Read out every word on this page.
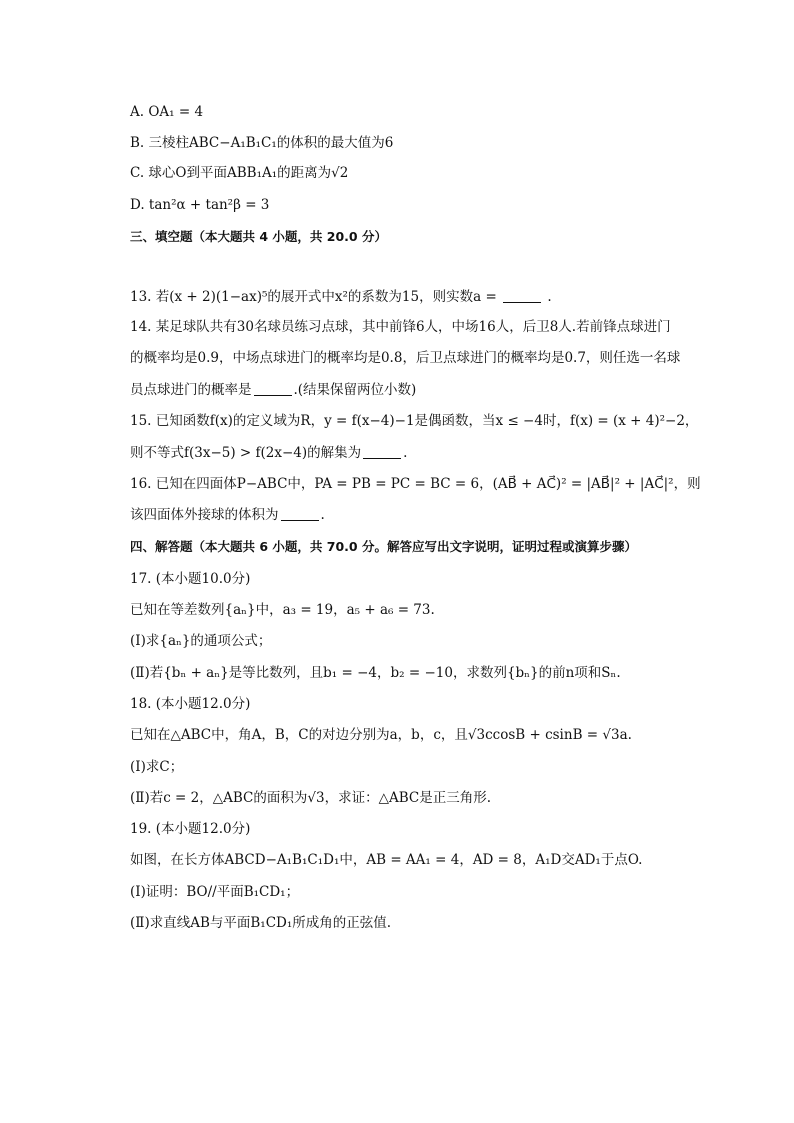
A. OA₁ = 4
B. 三棱柱ABC−A₁B₁C₁的体积的最大值为6
C. 球心O到平面ABB₁A₁的距离为√2
D. tan²α + tan²β = 3
三、填空题（本大题共 4 小题，共 20.0 分）
13. 若(x + 2)(1−ax)⁵的展开式中x²的系数为15，则实数a =	.
14. 某足球队共有30名球员练习点球，其中前锋6人，中场16人，后卫8人.若前锋点球进门
的概率均是0.9，中场点球进门的概率均是0.8，后卫点球进门的概率均是0.7，则任选一名球
员点球进门的概率是	.(结果保留两位小数)
15. 已知函数f(x)的定义域为R，y = f(x−4)−1是偶函数，当x ≤ −4时，f(x) = (x + 4)²−2，
则不等式f(3x−5) > f(2x−4)的解集为	.
16. 已知在四面体P−ABC中，PA = PB = PC = BC = 6，(AB⃗ + AC⃗)² = |AB⃗|² + |AC⃗|²，则
该四面体外接球的体积为	.
四、解答题（本大题共 6 小题，共 70.0 分。解答应写出文字说明，证明过程或演算步骤）
17. (本小题10.0分)
已知在等差数列{aₙ}中，a₃ = 19，a₅ + a₆ = 73.
(Ⅰ)求{aₙ}的通项公式；
(Ⅱ)若{bₙ + aₙ}是等比数列，且b₁ = −4，b₂ = −10，求数列{bₙ}的前n项和Sₙ.
18. (本小题12.0分)
已知在△ABC中，角A，B，C的对边分别为a，b，c，且√3ccosB + csinB = √3a.
(Ⅰ)求C；
(Ⅱ)若c = 2，△ABC的面积为√3，求证：△ABC是正三角形.
19. (本小题12.0分)
如图，在长方体ABCD−A₁B₁C₁D₁中，AB = AA₁ = 4，AD = 8，A₁D交AD₁于点O.
(Ⅰ)证明：BO//平面B₁CD₁；
(Ⅱ)求直线AB与平面B₁CD₁所成角的正弦值.
